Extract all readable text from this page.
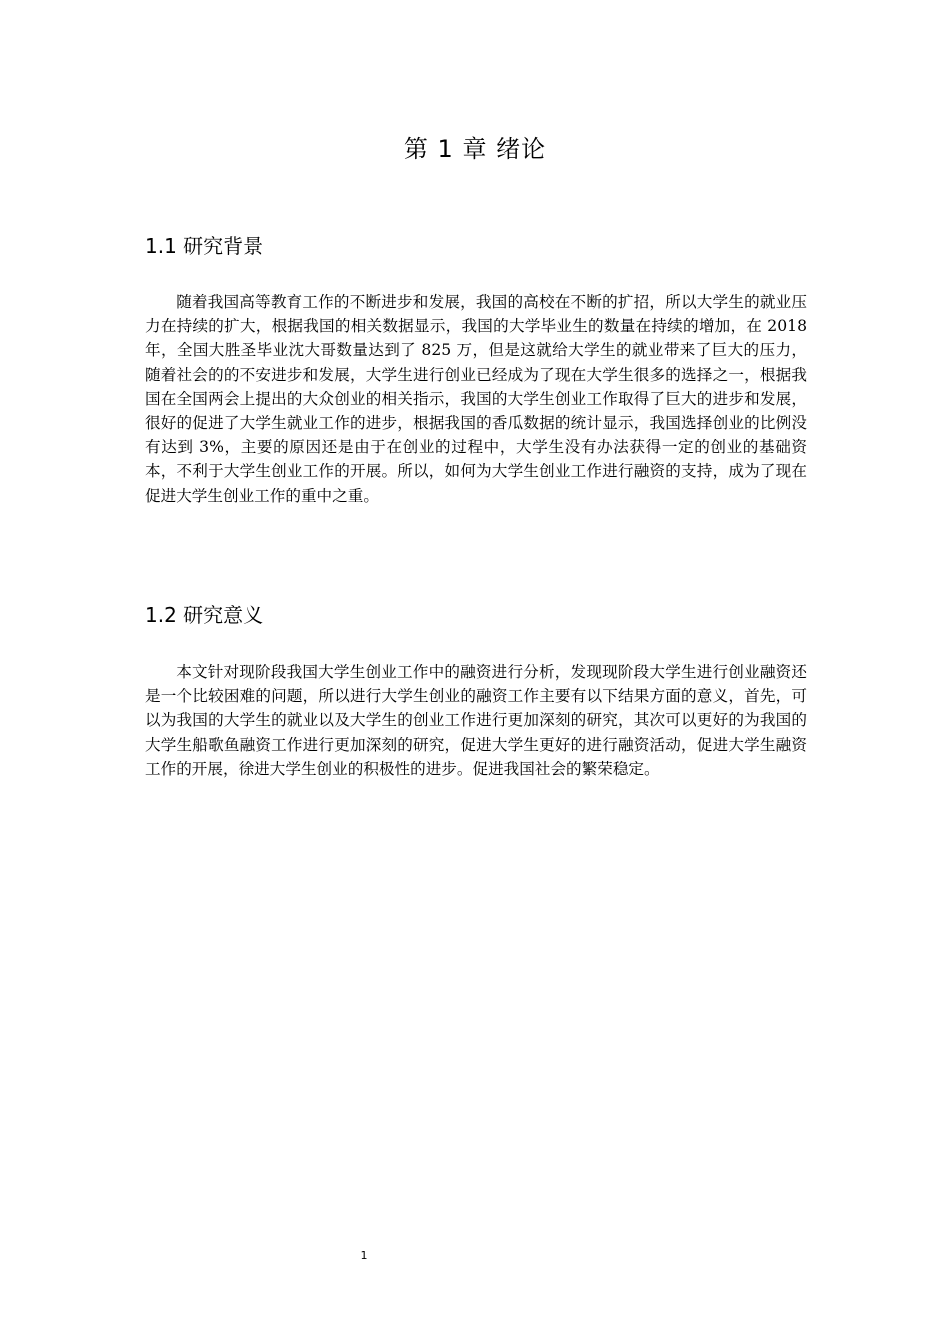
第 1 章 绪论
1.1 研究背景

随着我国高等教育工作的不断进步和发展，我国的高校在不断的扩招，所以大学生的就业压力在持续的扩大，根据我国的相关数据显示，我国的大学毕业生的数量在持续的增加，在 2018 年，全国大胜圣毕业沈大哥数量达到了 825 万，但是这就给大学生的就业带来了巨大的压力，随着社会的的不安进步和发展，大学生进行创业已经成为了现在大学生很多的选择之一，根据我国在全国两会上提出的大众创业的相关指示，我国的大学生创业工作取得了巨大的进步和发展，很好的促进了大学生就业工作的进步，根据我国的香瓜数据的统计显示，我国选择创业的比例没有达到 3%，主要的原因还是由于在创业的过程中，大学生没有办法获得一定的创业的基础资本，不利于大学生创业工作的开展。所以，如何为大学生创业工作进行融资的支持，成为了现在促进大学生创业工作的重中之重。

1.2 研究意义

本文针对现阶段我国大学生创业工作中的融资进行分析，发现现阶段大学生进行创业融资还是一个比较困难的问题，所以进行大学生创业的融资工作主要有以下结果方面的意义，首先，可以为我国的大学生的就业以及大学生的创业工作进行更加深刻的研究，其次可以更好的为我国的大学生船歌鱼融资工作进行更加深刻的研究，促进大学生更好的进行融资活动，促进大学生融资工作的开展，徐进大学生创业的积极性的进步。促进我国社会的繁荣稳定。

1
